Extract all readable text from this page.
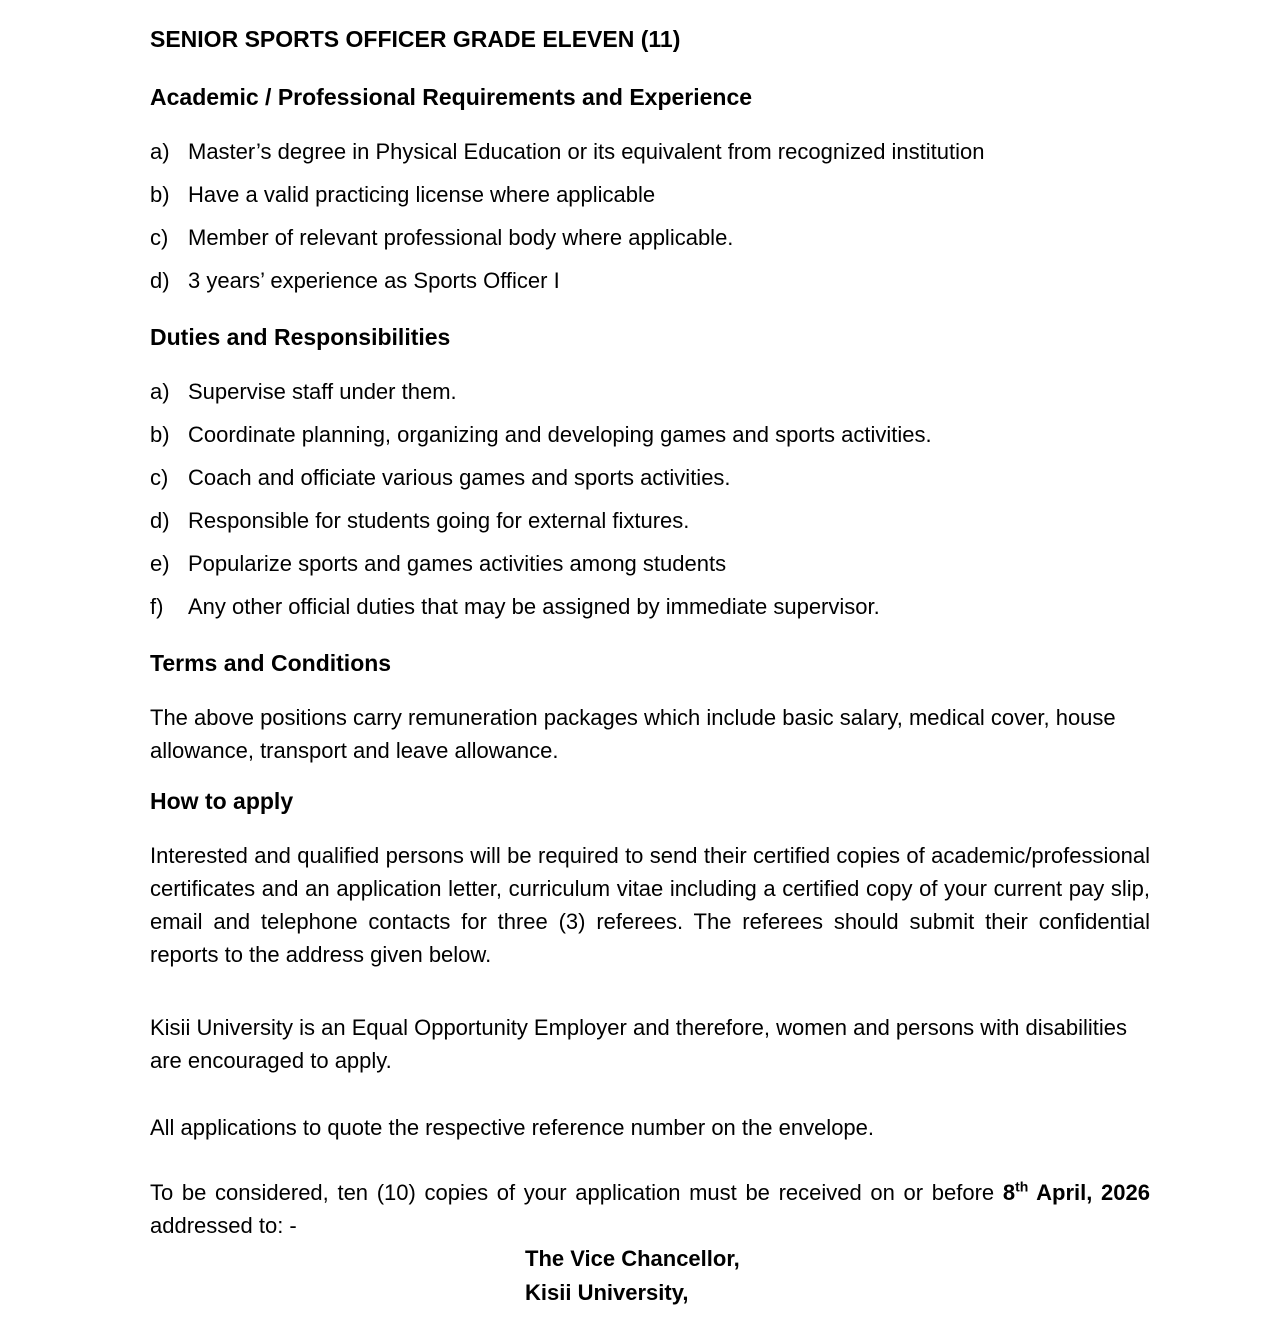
SENIOR SPORTS OFFICER GRADE ELEVEN (11)
Academic / Professional Requirements and Experience
a) Master’s degree in Physical Education or its equivalent from recognized institution
b) Have a valid practicing license where applicable
c) Member of relevant professional body where applicable.
d) 3 years’ experience as Sports Officer I
Duties and Responsibilities
a) Supervise staff under them.
b) Coordinate planning, organizing and developing games and sports activities.
c) Coach and officiate various games and sports activities.
d) Responsible for students going for external fixtures.
e) Popularize sports and games activities among students
f)	Any other official duties that may be assigned by immediate supervisor.
Terms and Conditions

The above positions carry remuneration packages which include basic salary, medical cover, house allowance, transport and leave allowance.

How to apply

Interested and qualified persons will be required to send their certified copies of academic/professional certificates and an application letter, curriculum vitae including a certified copy of your current pay slip, email and telephone contacts for three (3) referees. The referees should submit their confidential reports to the address given below.

Kisii University is an Equal Opportunity Employer and therefore, women and persons with disabilities are encouraged to apply.

All applications to quote the respective reference number on the envelope.

To be considered, ten (10) copies of your application must be received on or before 8th April, 2026 addressed to: -

The Vice Chancellor,
Kisii University,
